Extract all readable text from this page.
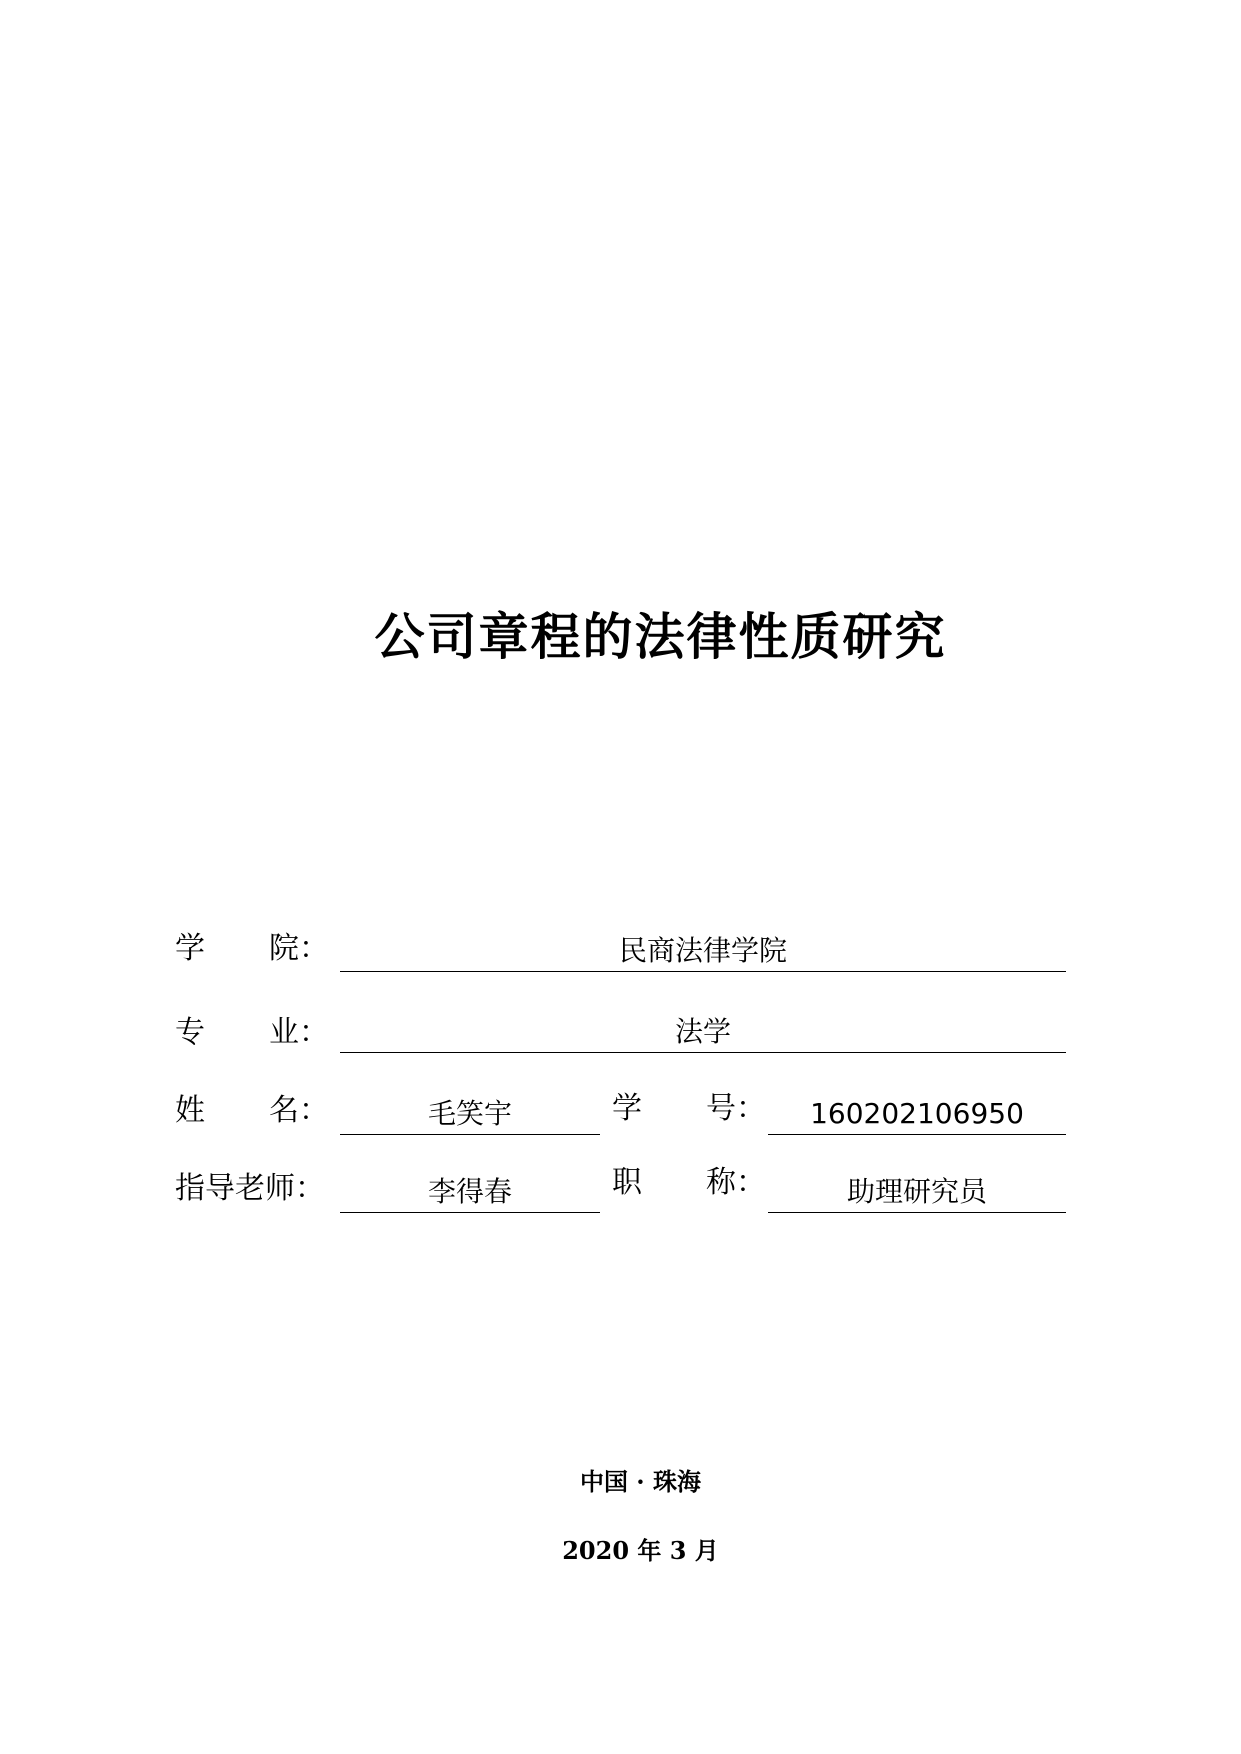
公司章程的法律性质研究
学 院：	民商法律学院
专 业：	法学
姓 名：	毛笑宇	学 号：	160202106950
指导老师：	李得春	职 称：	助理研究员
中国 · 珠海
2020 年 3 月
